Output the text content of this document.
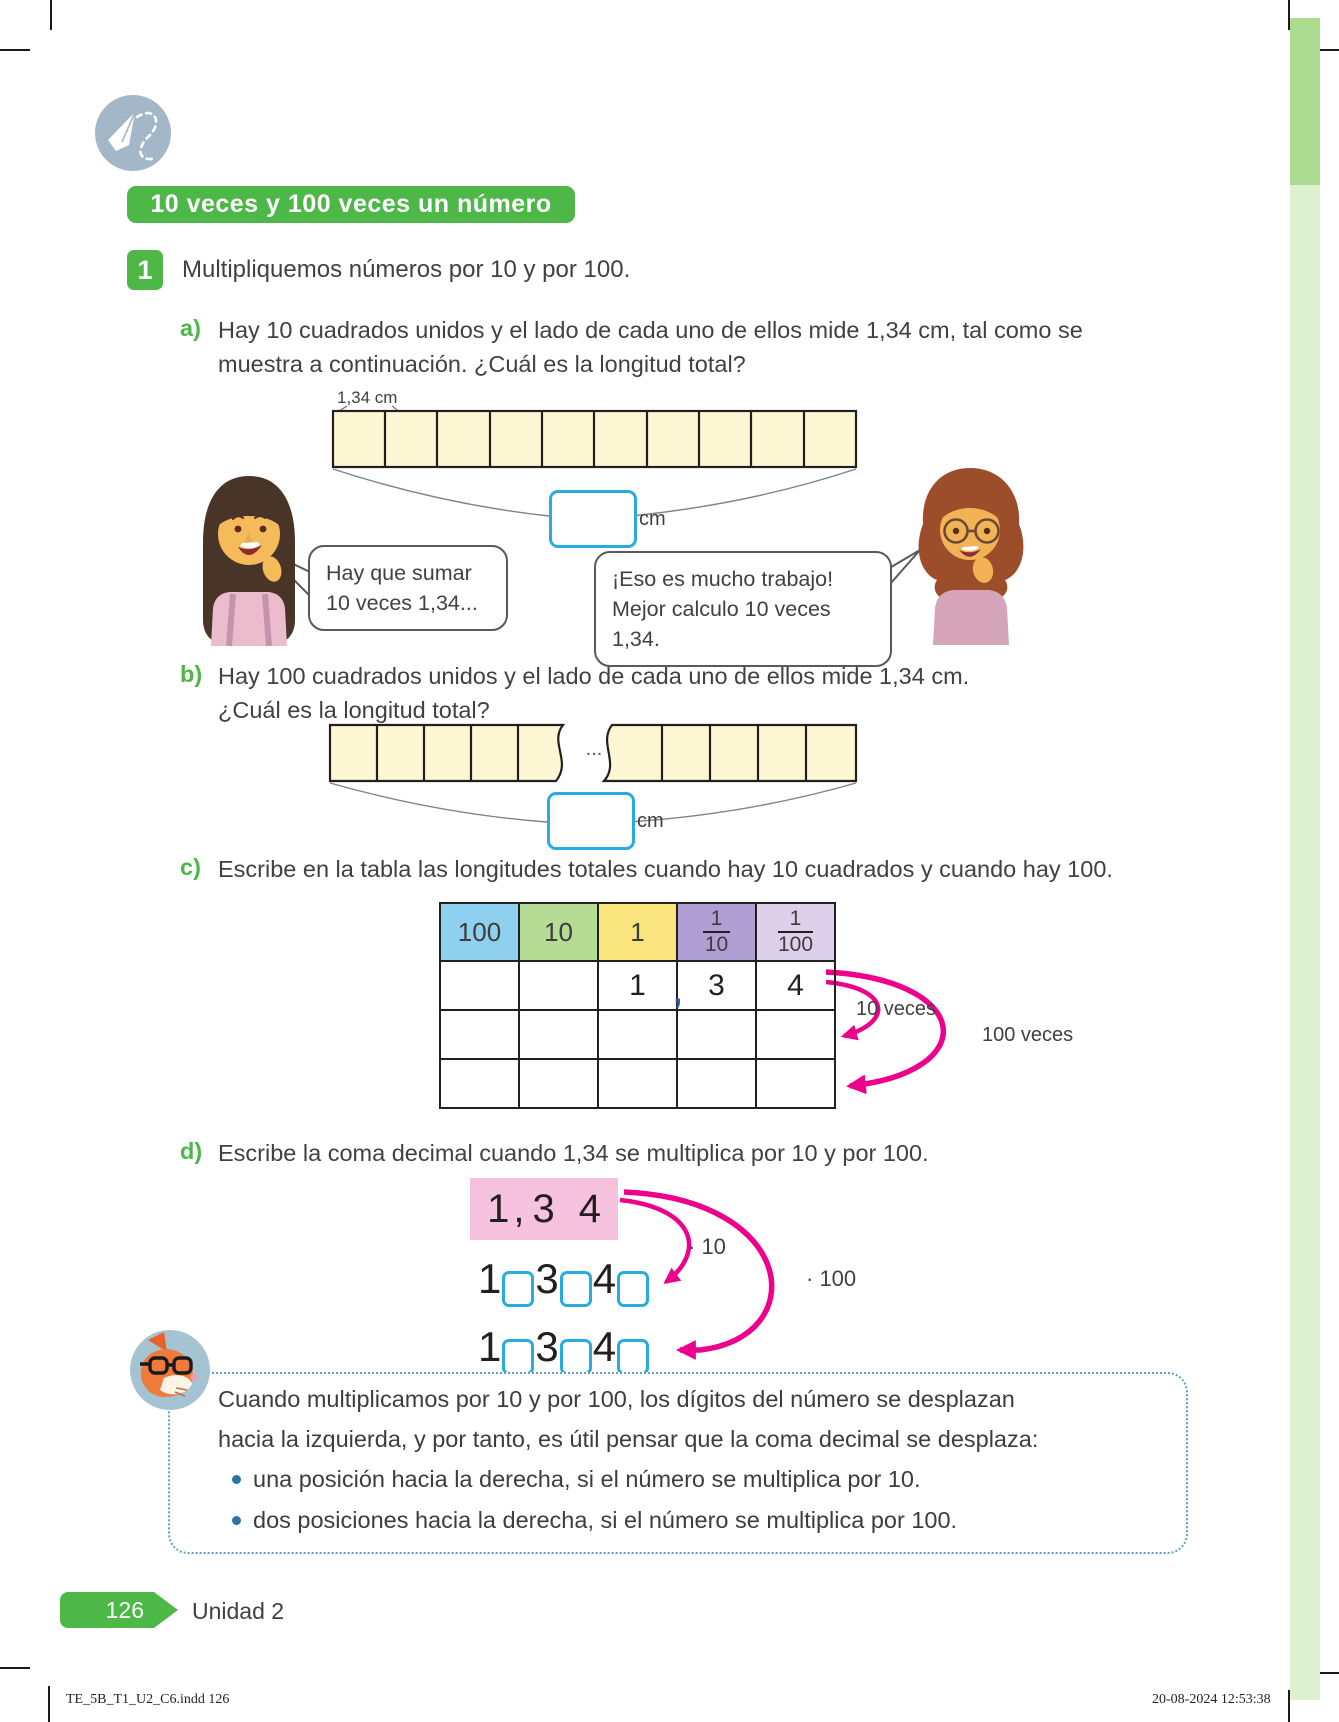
10 veces y 100 veces un número
1 Multipliquemos números por 10 y por 100.
a) Hay 10 cuadrados unidos y el lado de cada uno de ellos mide 1,34 cm, tal como se
muestra a continuación. ¿Cuál es la longitud total?
1,34 cm
cm
Hay que sumar
10 veces 1,34...
¡Eso es mucho trabajo!
Mejor calculo 10 veces 1,34.
b) Hay 100 cuadrados unidos y el lado de cada uno de ellos mide 1,34 cm.
¿Cuál es la longitud total?
...
cm
c) Escribe en la tabla las longitudes totales cuando hay 10 cuadrados y cuando hay 100.
100	10	1	$\frac{1}{10}$	$\frac{1}{100}$

		1 ,	3	4

10 veces
100 veces
d) Escribe la coma decimal cuando 1,34 se multiplica por 10 y por 100.
1 , 3 4
1 3 4
1 3 4
· 10
· 100
Cuando multiplicamos por 10 y por 100, los dígitos del número se desplazan
hacia la izquierda, y por tanto, es útil pensar que la coma decimal se desplaza:
una posición hacia la derecha, si el número se multiplica por 10.
dos posiciones hacia la derecha, si el número se multiplica por 100.
126 Unidad 2
TE_5B_T1_U2_C6.indd 126	20-08-2024 12:53:38
